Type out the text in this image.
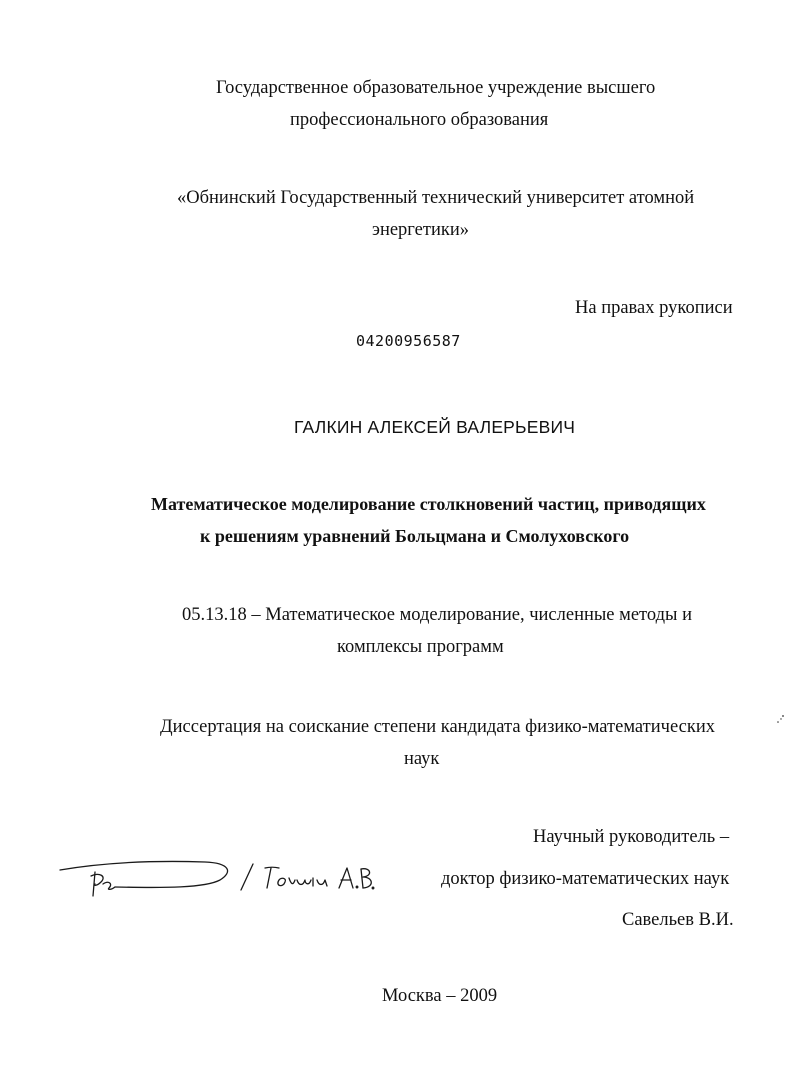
Государственное образовательное учреждение высшего
профессионального образования
«Обнинский Государственный технический университет атомной
энергетики»
На правах рукописи
04200956587
ГАЛКИН АЛЕКСЕЙ ВАЛЕРЬЕВИЧ
Математическое моделирование столкновений частиц, приводящих
к решениям уравнений Больцмана и Смолуховского
05.13.18 – Математическое моделирование, численные методы и
комплексы программ
Диссертация на соискание степени кандидата физико-математических
наук
Научный руководитель –
доктор физико-математических наук
Савельев В.И.
Москва – 2009
